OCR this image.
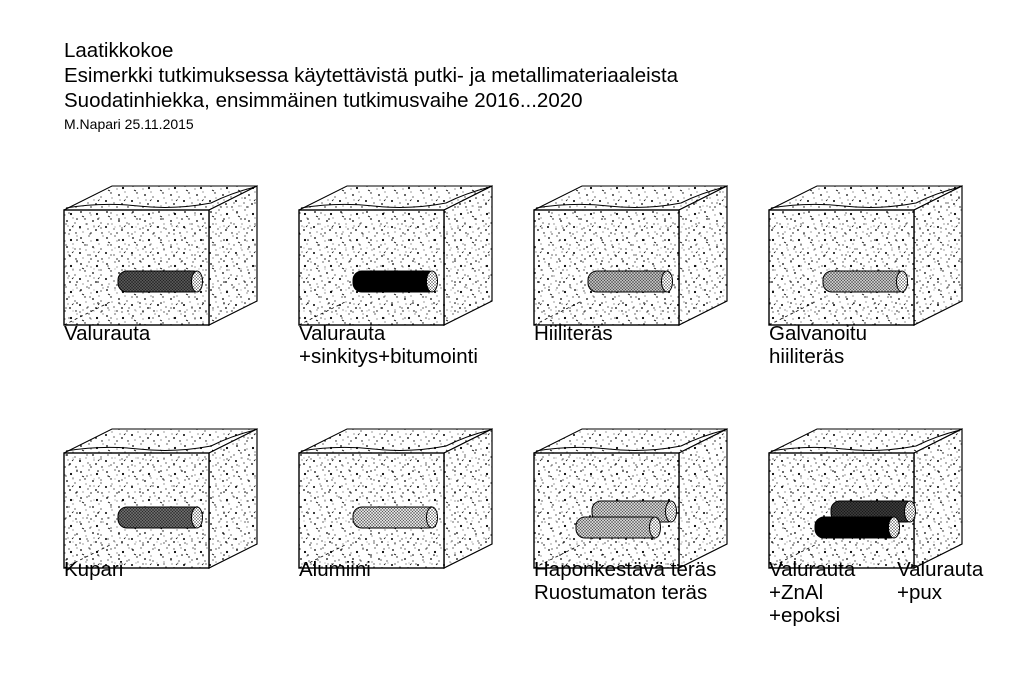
Laatikkokoe
Esimerkki tutkimuksessa käytettävistä putki- ja metallimateriaaleista
Suodatinhiekka, ensimmäinen tutkimusvaihe 2016...2020
M.Napari 25.11.2015
Valurauta	Valurauta
+sinkitys+bitumointi
Hiiliteräs	Galvanoitu
hiiliteräs
Kupari	Alumiini	Haponkestävä teräs
Ruostumaton teräs
Valurauta
+ZnAl
+epoksi
Valurauta
+pux
